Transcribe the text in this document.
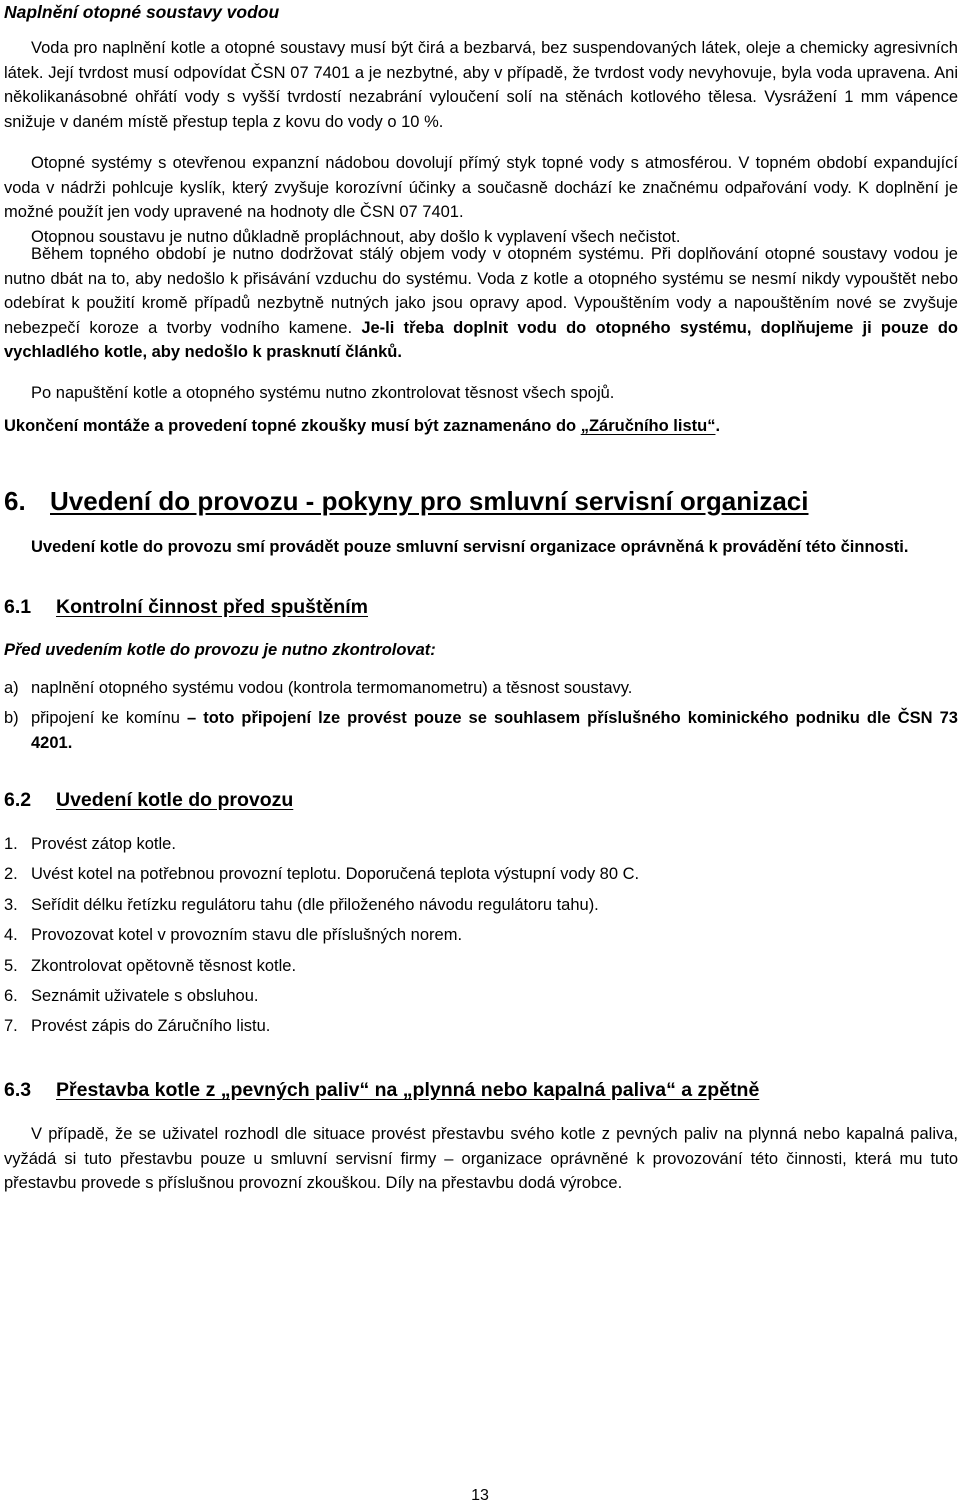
Naplnění otopné soustavy vodou

Voda pro naplnění kotle a otopné soustavy musí být čirá a bezbarvá, bez suspendovaných látek, oleje a chemicky agresivních látek. Její tvrdost musí odpovídat ČSN 07 7401 a je nezbytné, aby v případě, že tvrdost vody nevyhovuje, byla voda upravena. Ani několikanásobné ohřátí vody s vyšší tvrdostí nezabrání vyloučení solí na stěnách kotlového tělesa. Vysrážení 1 mm vápence snižuje v daném místě přestup tepla z kovu do vody o 10 %.

Otopné systémy s otevřenou expanzní nádobou dovolují přímý styk topné vody s atmosférou. V topném období expandující voda v nádrži pohlcuje kyslík, který zvyšuje korozívní účinky a současně dochází ke značnému odpařování vody. K doplnění je možné použít jen vody upravené na hodnoty dle ČSN 07 7401.

Otopnou soustavu je nutno důkladně propláchnout, aby došlo k vyplavení všech nečistot.

Během topného období je nutno dodržovat stálý objem vody v otopném systému. Při doplňování otopné soustavy vodou je nutno dbát na to, aby nedošlo k přisávání vzduchu do systému. Voda z kotle a otopného systému se nesmí nikdy vypouštět nebo odebírat k použití kromě případů nezbytně nutných jako jsou opravy apod. Vypouštěním vody a napouštěním nové se zvyšuje nebezpečí koroze a tvorby vodního kamene. Je-li třeba doplnit vodu do otopného systému, doplňujeme ji pouze do vychladlého kotle, aby nedošlo k prasknutí článků.

Po napuštění kotle a otopného systému nutno zkontrolovat těsnost všech spojů.

Ukončení montáže a provedení topné zkoušky musí být zaznamenáno do „Záručního listu“.

6. Uvedení do provozu - pokyny pro smluvní servisní organizaci

Uvedení kotle do provozu smí provádět pouze smluvní servisní organizace oprávněná k provádění této činnosti.

6.1 Kontrolní činnost před spuštěním

Před uvedením kotle do provozu je nutno zkontrolovat:

a) naplnění otopného systému vodou (kontrola termomanometru) a těsnost soustavy.
b) připojení ke komínu – toto připojení lze provést pouze se souhlasem příslušného kominického podniku dle ČSN 73 4201.
6.2 Uvedení kotle do provozu
1. Provést zátop kotle.
2. Uvést kotel na potřebnou provozní teplotu. Doporučená teplota výstupní vody 80 C.
3. Seřídit délku řetízku regulátoru tahu (dle přiloženého návodu regulátoru tahu).
4. Provozovat kotel v provozním stavu dle příslušných norem.
5. Zkontrolovat opětovně těsnost kotle.
6. Seznámit uživatele s obsluhou.
7. Provést zápis do Záručního listu.
6.3 Přestavba kotle z „pevných paliv“ na „plynná nebo kapalná paliva“ a zpětně

V případě, že se uživatel rozhodl dle situace provést přestavbu svého kotle z pevných paliv na plynná nebo kapalná paliva, vyžádá si tuto přestavbu pouze u smluvní servisní firmy – organizace oprávněné k provozování této činnosti, která mu tuto přestavbu provede s příslušnou provozní zkouškou. Díly na přestavbu dodá výrobce.

13
